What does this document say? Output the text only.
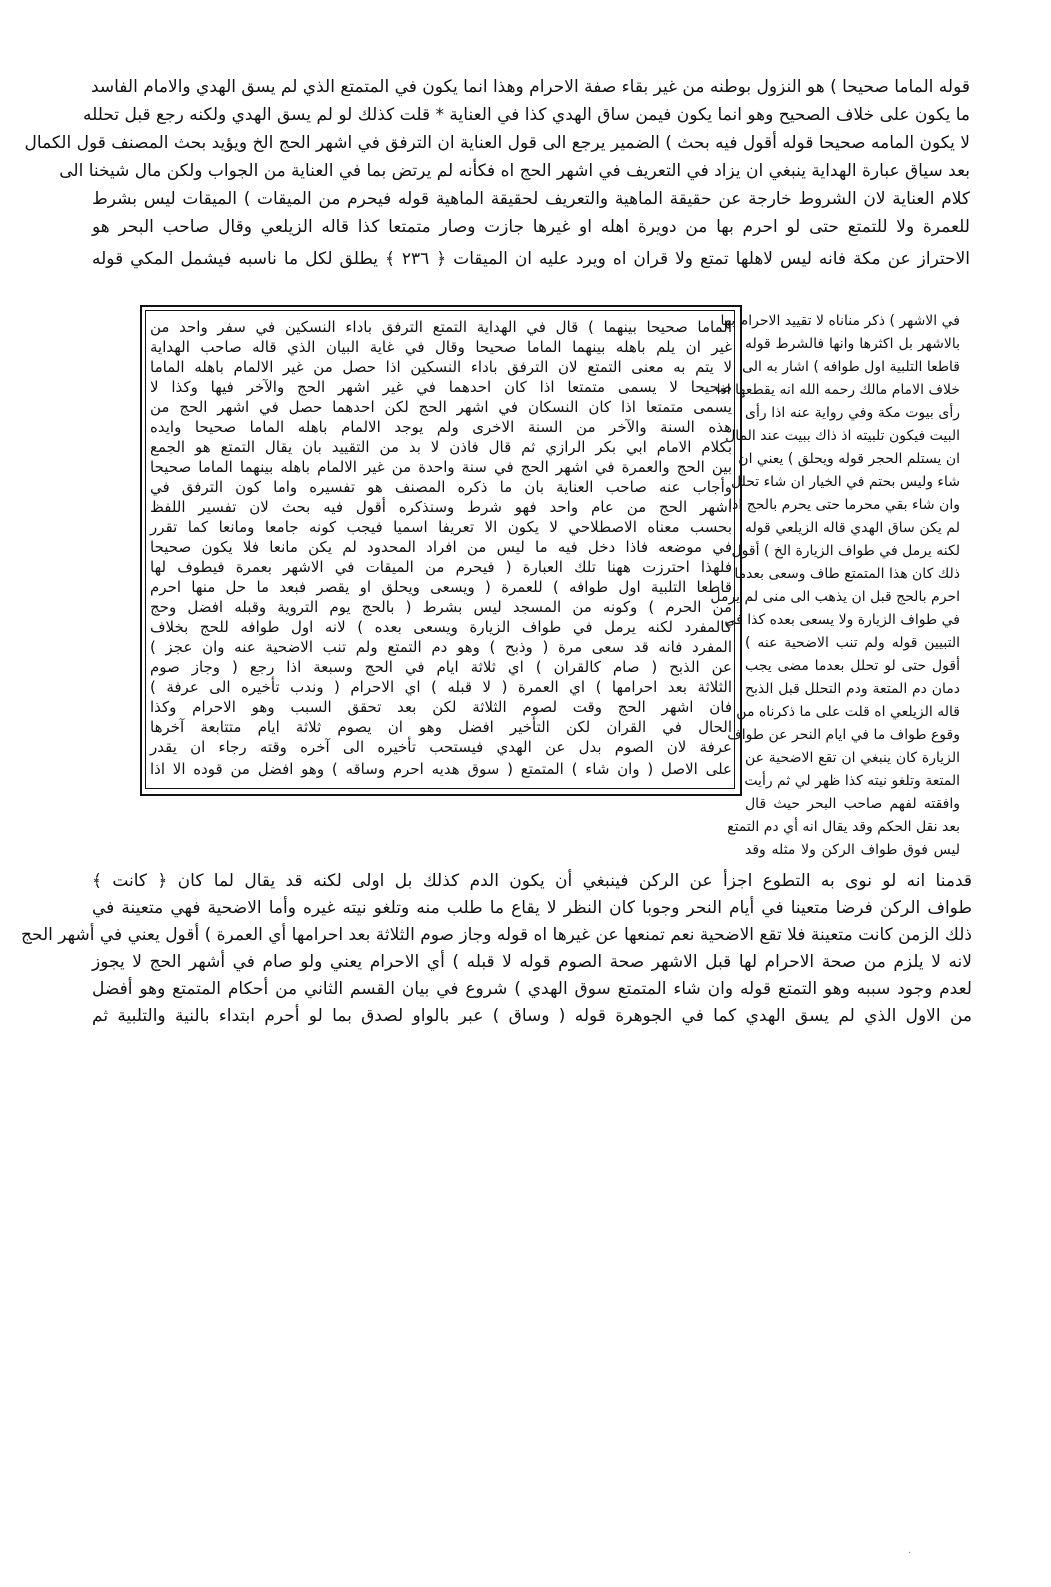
قوله الماما صحيحا ) هو النزول بوطنه من غير بقاء صفة الاحرام وهذا انما يكون في المتمتع الذي لم يسق الهدي والامام الفاسد
ما يكون على خلاف الصحيح وهو انما يكون فيمن ساق الهدي كذا في العناية * قلت كذلك لو لم يسق الهدي ولكنه رجع قبل تحلله
لا يكون المامه صحيحا قوله أقول فيه بحث ) الضمير يرجع الى قول العناية ان الترفق في اشهر الحج الخ ويؤيد بحث المصنف قول الكمال
بعد سياق عبارة الهداية ينبغي ان يزاد في التعريف في اشهر الحج اه فكأنه لم يرتض بما في العناية من الجواب ولكن مال شيخنا الى
كلام العناية لان الشروط خارجة عن حقيقة الماهية والتعريف لحقيقة الماهية قوله فيحرم من الميقات ) الميقات ليس بشرط
للعمرة ولا للتمتع حتى لو احرم بها من دويرة اهله او غيرها جازت وصار متمتعا كذا قاله الزيلعي وقال صاحب البحر هو
الاحتراز عن مكة فانه ليس لاهلها تمتع ولا قران اه ويرد عليه ان الميقات ﴿ ٢٣٦ ﴾ يطلق لكل ما ناسبه فيشمل المكي قوله
الماما صحيحا بينهما ) قال في الهداية التمتع الترفق باداء النسكين في سفر واحد من
غير ان يلم باهله بينهما الماما صحيحا وقال في غاية البيان الذي قاله صاحب الهداية
لا يتم به معنى التمتع لان الترفق باداء النسكين اذا حصل من غير الالمام باهله الماما
صحيحا لا يسمى متمتعا اذا كان احدهما في غير اشهر الحج والآخر فيها وكذا لا
يسمى متمتعا اذا كان النسكان في اشهر الحج لكن احدهما حصل في اشهر الحج من
هذه السنة والآخر من السنة الاخرى ولم يوجد الالمام باهله الماما صحيحا وايده
بكلام الامام ابي بكر الرازي ثم قال فاذن لا بد من التقييد بان يقال التمتع هو الجمع
بين الحج والعمرة في اشهر الحج في سنة واحدة من غير الالمام باهله بينهما الماما صحيحا
وأجاب عنه صاحب العناية بان ما ذكره المصنف هو تفسيره واما كون الترفق في
اشهر الحج من عام واحد فهو شرط وسنذكره أقول فيه بحث لان تفسير اللفظ
بحسب معناه الاصطلاحي لا يكون الا تعريفا اسميا فيجب كونه جامعا ومانعا كما تقرر
في موضعه فاذا دخل فيه ما ليس من افراد المحدود لم يكن مانعا فلا يكون صحيحا
فلهذا احترزت ههنا تلك العبارة ( فيحرم من الميقات في الاشهر بعمرة فيطوف لها
قاطعا التلبية اول طوافه ) للعمرة ( ويسعى ويحلق او يقصر فبعد ما حل منها احرم
من الحرم ) وكونه من المسجد ليس بشرط ( بالحج يوم التروية وقبله افضل وحج
كالمفرد لكنه يرمل في طواف الزيارة ويسعى بعده ) لانه اول طوافه للحج بخلاف
المفرد فانه قد سعى مرة ( وذبح ) وهو دم التمتع ولم تنب الاضحية عنه وان عجز )
عن الذبح ( صام كالقران ) اي ثلاثة ايام في الحج وسبعة اذا رجع ( وجاز صوم
الثلاثة بعد احرامها ) اي العمرة ( لا قبله ) اي الاحرام ( وندب تأخيره الى عرفة )
فان اشهر الحج وقت لصوم الثلاثة لكن بعد تحقق السبب وهو الاحرام وكذا
الحال في القران لكن التأخير افضل وهو ان يصوم ثلاثة ايام متتابعة آخرها
عرفة لان الصوم بدل عن الهدي فيستحب تأخيره الى آخره وقته رجاء ان يقدر
على الاصل ( وان شاء ) المتمتع ( سوق هديه احرم وساقه ) وهو افضل من قوده الا اذا
في الاشهر ) ذكر مناناه لا تقييد الاحرام بها
بالاشهر بل اكثرها وانها فالشرط قوله
قاطعا التلبية اول طوافه ) اشار به الى
خلاف الامام مالك رحمه الله انه يقطعها اذا
رأى بيوت مكة وفي رواية عنه اذا رأى
البيت فيكون تلبيته اذ ذاك ببيت عند المال
ان يستلم الحجر قوله ويحلق ) يعني ان
شاء وليس بحتم في الخيار ان شاء تحلل
وان شاء بقي محرما حتى يحرم بالحج اذا
لم يكن ساق الهدي قاله الزيلعي قوله
لكنه يرمل في طواف الزيارة الخ ) أقول
ذلك كان هذا المتمتع طاف وسعى بعدما
احرم بالحج قبل ان يذهب الى منى لم يرمل
في طواف الزيارة ولا يسعى بعده كذا في
التبيين قوله ولم تنب الاضحية عنه )
أقول حتى لو تحلل بعدما مضى يجب
دمان دم المتعة ودم التحلل قبل الذبح
قاله الزيلعي اه قلت على ما ذكرناه من
وقوع طواف ما في ايام النحر عن طواف
الزيارة كان ينبغي ان تقع الاضحية عن
المتعة وتلغو نيته كذا ظهر لي ثم رأيت
وافقته لفهم صاحب البحر حيث قال
بعد نقل الحكم وقد يقال انه أي دم التمتع
ليس فوق طواف الركن ولا مثله وقد
قدمنا انه لو نوى به التطوع اجزأ عن الركن فينبغي أن يكون الدم كذلك بل اولى لكنه قد يقال لما كان ﴿ كانت ﴾
طواف الركن فرضا متعينا في أيام النحر وجوبا كان النظر لا يقاع ما طلب منه وتلغو نيته غيره وأما الاضحية فهي متعينة في
ذلك الزمن كانت متعينة فلا تقع الاضحية نعم تمنعها عن غيرها اه قوله وجاز صوم الثلاثة بعد احرامها أي العمرة ) أقول يعني في أشهر الحج
لانه لا يلزم من صحة الاحرام لها قبل الاشهر صحة الصوم قوله لا قبله ) أي الاحرام يعني ولو صام في أشهر الحج لا يجوز
لعدم وجود سببه وهو التمتع قوله وان شاء المتمتع سوق الهدي ) شروع في بيان القسم الثاني من أحكام المتمتع وهو أفضل
من الاول الذي لم يسق الهدي كما في الجوهرة قوله ( وساق ) عبر بالواو لصدق بما لو أحرم ابتداء بالنية والتلبية ثم
·
